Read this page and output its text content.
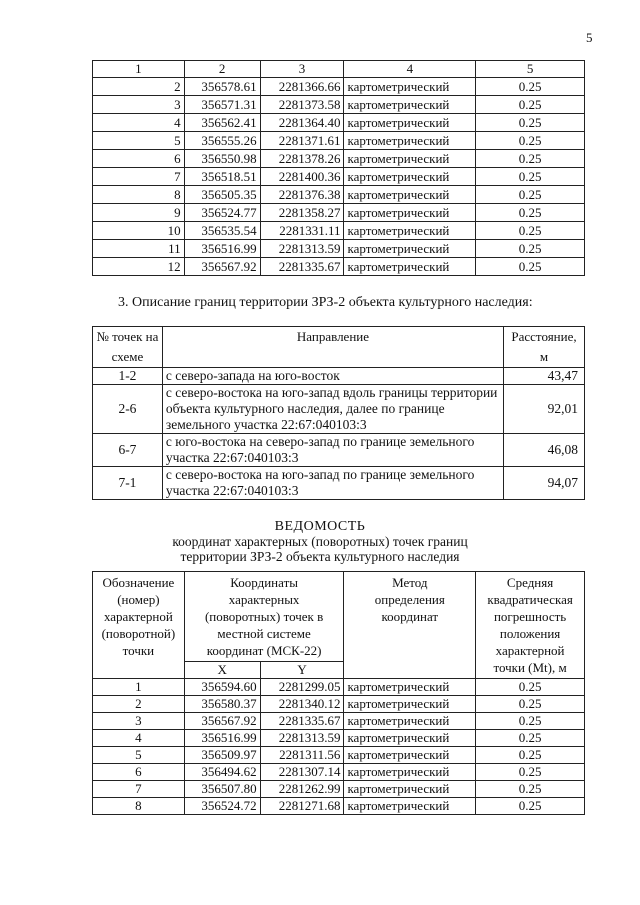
5
1	2	3	4	5
2	356578.61	2281366.66	картометрический	0.25
3	356571.31	2281373.58	картометрический	0.25
4	356562.41	2281364.40	картометрический	0.25
5	356555.26	2281371.61	картометрический	0.25
6	356550.98	2281378.26	картометрический	0.25
7	356518.51	2281400.36	картометрический	0.25
8	356505.35	2281376.38	картометрический	0.25
9	356524.77	2281358.27	картометрический	0.25
10	356535.54	2281331.11	картометрический	0.25
11	356516.99	2281313.59	картометрический	0.25
12	356567.92	2281335.67	картометрический	0.25
3. Описание границ территории ЗРЗ-2 объекта культурного наследия:
№ точек на схеме	Направление	Расстояние, м
1-2	с северо-запада на юго-восток	43,47
2-6	с северо-востока на юго-запад вдоль границы территории объекта культурного наследия, далее по границе земельного участка 22:67:040103:3	92,01
6-7	с юго-востока на северо-запад по границе земельного участка 22:67:040103:3	46,08
7-1	с северо-востока на юго-запад по границе земельного участка 22:67:040103:3	94,07
ВЕДОМОСТЬ
координат характерных (поворотных) точек границ
территории ЗРЗ-2 объекта культурного наследия
Обозначение (номер) характерной (поворотной) точки	Координаты характерных (поворотных) точек в местной системе координат (МСК-22)		Метод определения координат	Средняя квадратическая погрешность положения характерной точки (Mt), м
	X	Y		
1	356594.60	2281299.05	картометрический	0.25
2	356580.37	2281340.12	картометрический	0.25
3	356567.92	2281335.67	картометрический	0.25
4	356516.99	2281313.59	картометрический	0.25
5	356509.97	2281311.56	картометрический	0.25
6	356494.62	2281307.14	картометрический	0.25
7	356507.80	2281262.99	картометрический	0.25
8	356524.72	2281271.68	картометрический	0.25
